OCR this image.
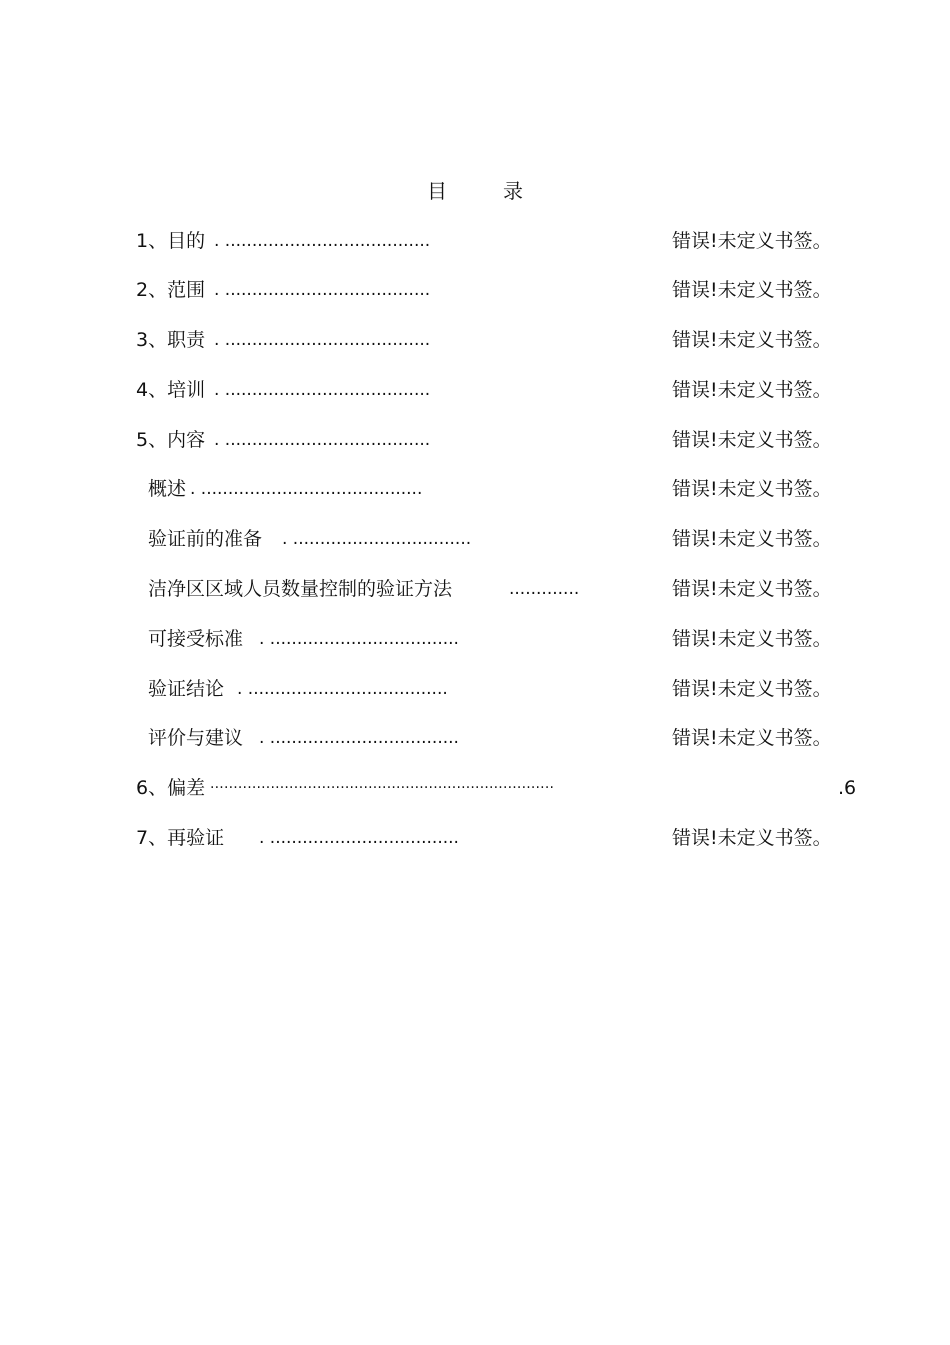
目	录
1、目的 . ......................................	错误!未定义书签。
2、范围 . ......................................	错误!未定义书签。
3、职责 . ......................................	错误!未定义书签。
4、培训 . ......................................	错误!未定义书签。
5、内容 . ......................................	错误!未定义书签。
概述 . .........................................	错误!未定义书签。
验证前的准备 . .................................	错误!未定义书签。
洁净区区域人员数量控制的验证方法	.............	错误!未定义书签。
可接受标准 . ...................................	错误!未定义书签。
验证结论 . .....................................	错误!未定义书签。
评价与建议 . ...................................	错误!未定义书签。
6、偏差 ··········································································	.6
7、再验证 . ...................................	错误!未定义书签。
